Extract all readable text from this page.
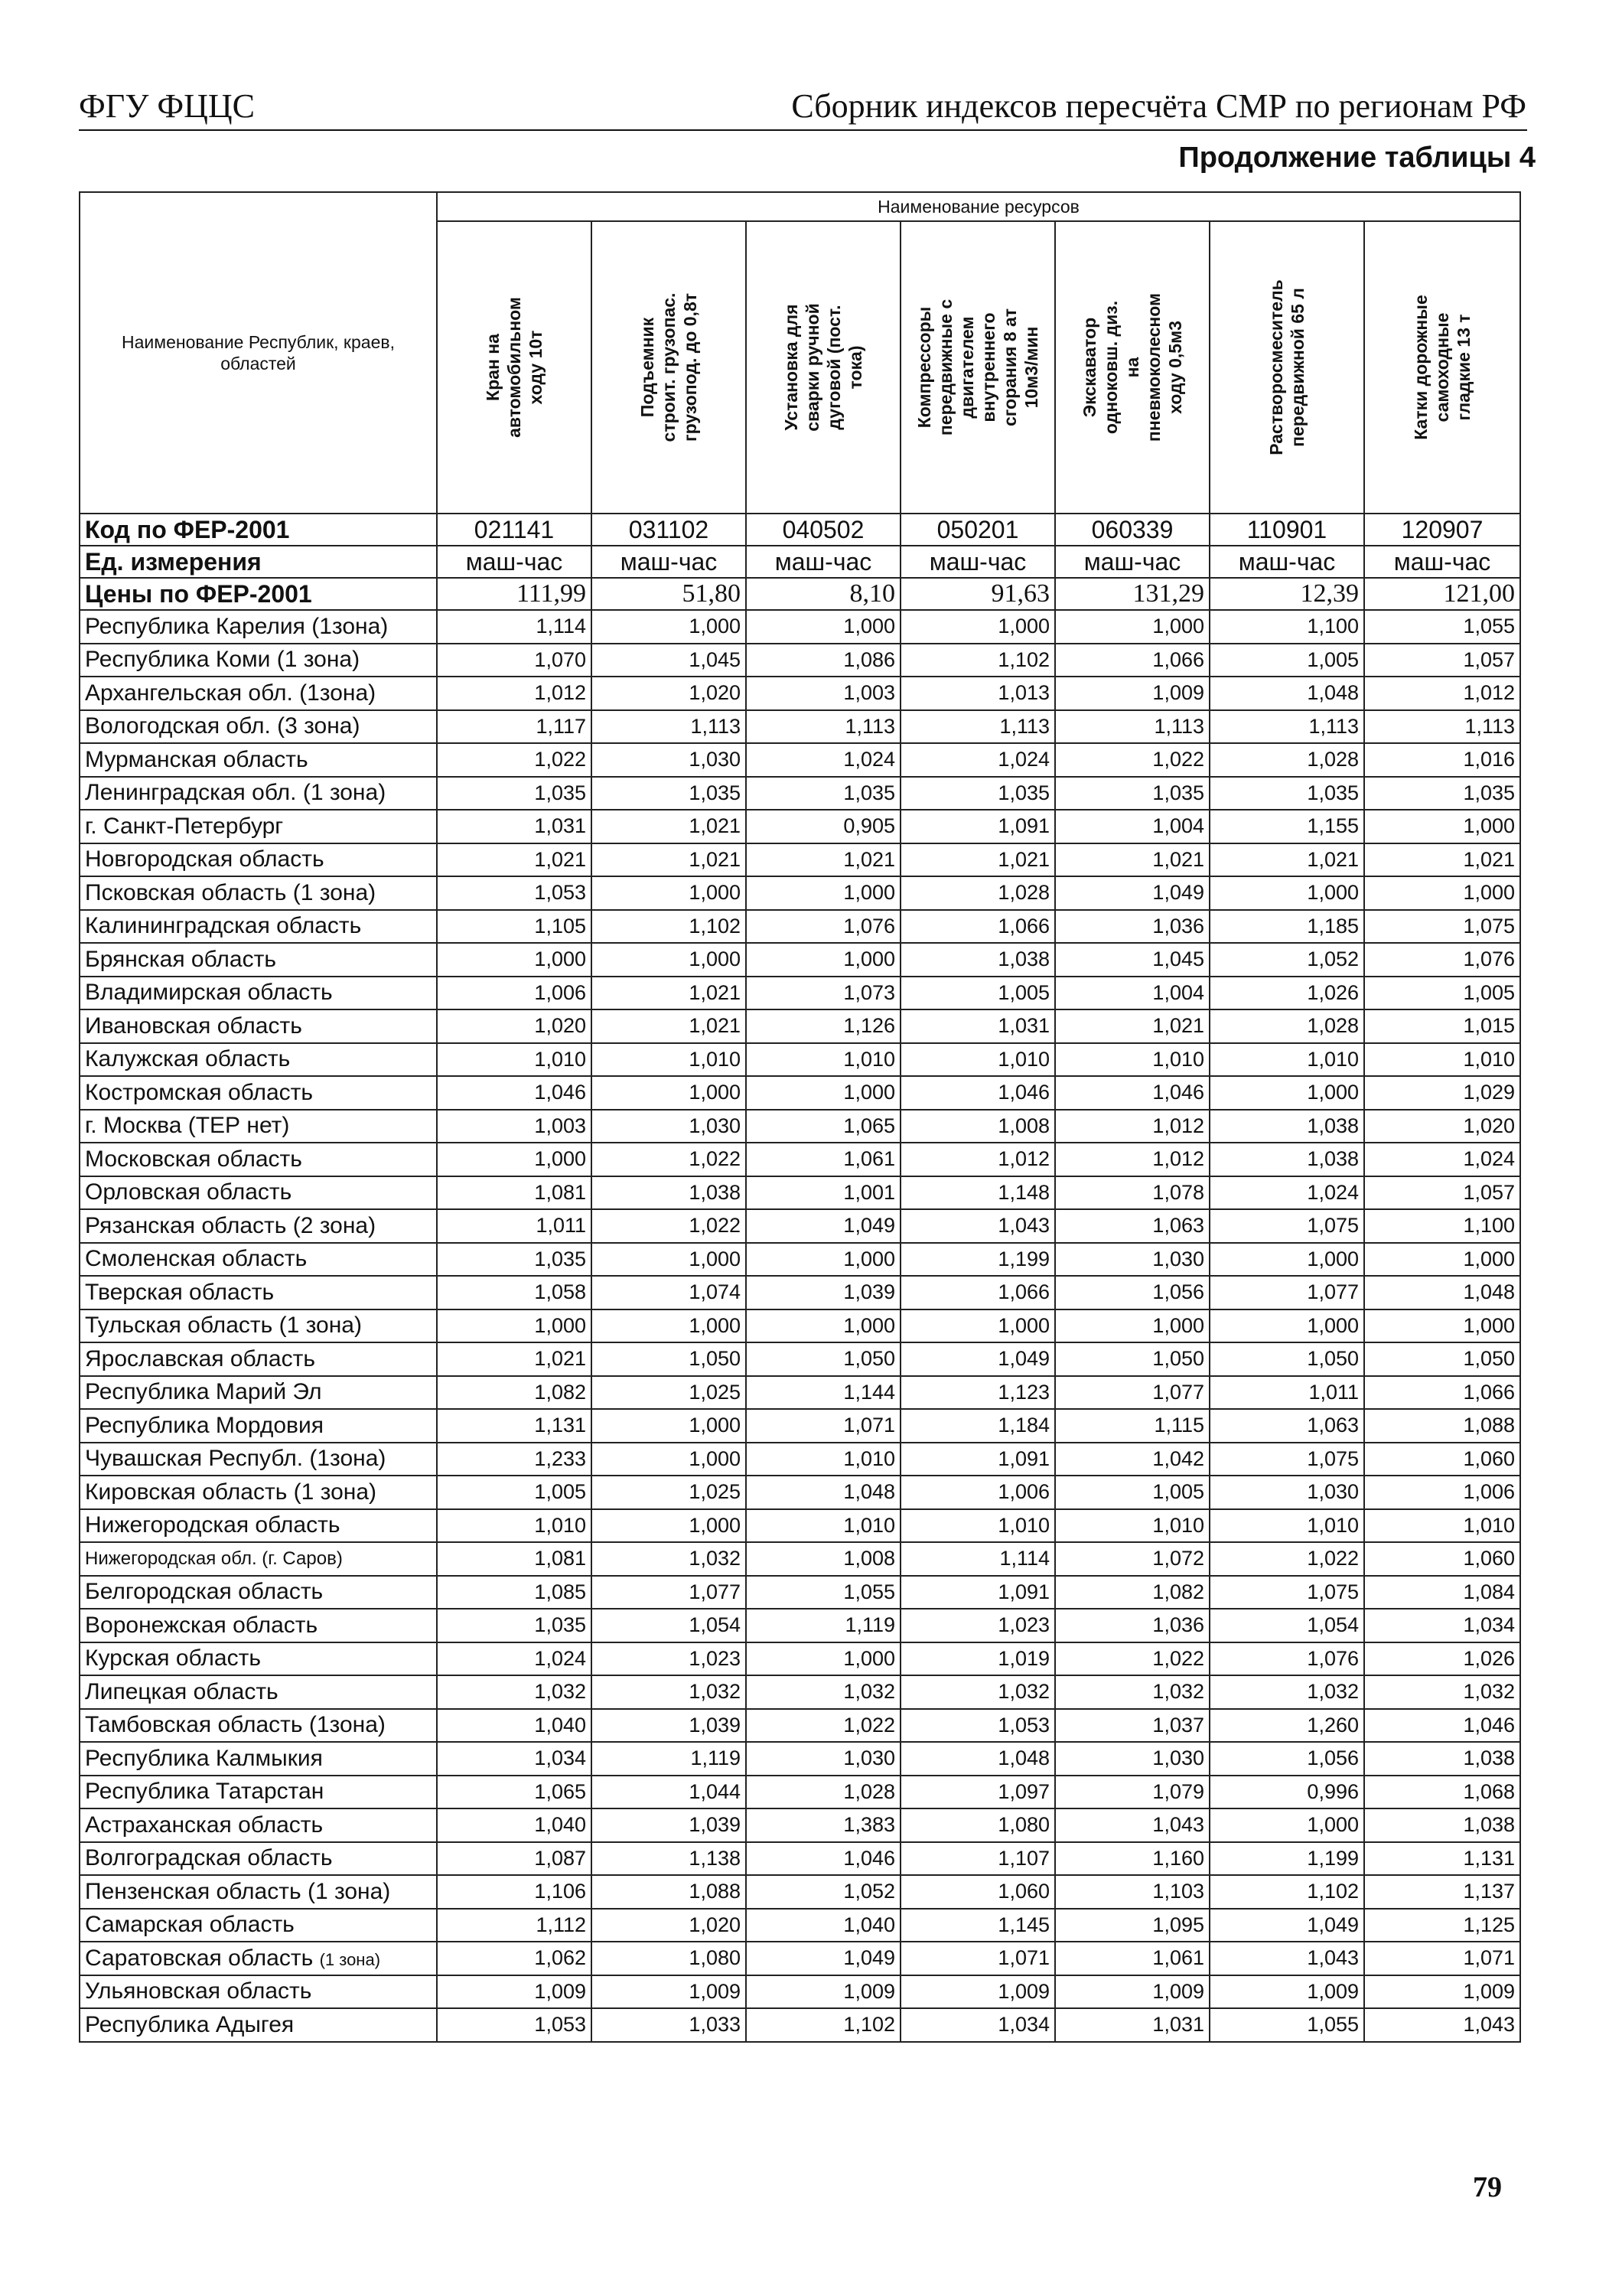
ФГУ ФЦЦС	Сборник индексов пересчёта СМР по регионам РФ
Продолжение таблицы 4
Наименование Республик, краев, областей	Наименование ресурсов						

	Кран на автомобильном ходу 10т	Подъемник строит. грузопас. грузопод. до 0,8т	Установка для сварки ручной дуговой (пост. тока)	Компрессоры передвижные с двигателем внутреннего сгорания 8 ат 10м3/мин	Экскаватор одноковш. диз. на пневмоколесном ходу 0,5м3	Растворосмеситель передвижной 65 л	Катки дорожные самоходные гладкие 13 т

Код по ФЕР-2001	021141	031102	040502	050201	060339	110901	120907
Ед. измерения	маш-час	маш-час	маш-час	маш-час	маш-час	маш-час	маш-час
Цены по ФЕР-2001	111,99	51,80	8,10	91,63	131,29	12,39	121,00
Республика Карелия (1зона)	1,114	1,000	1,000	1,000	1,000	1,100	1,055
Республика Коми (1 зона)	1,070	1,045	1,086	1,102	1,066	1,005	1,057
Архангельская обл. (1зона)	1,012	1,020	1,003	1,013	1,009	1,048	1,012
Вологодская обл. (3 зона)	1,117	1,113	1,113	1,113	1,113	1,113	1,113
Мурманская область	1,022	1,030	1,024	1,024	1,022	1,028	1,016
Ленинградская обл. (1 зона)	1,035	1,035	1,035	1,035	1,035	1,035	1,035
г. Санкт-Петербург	1,031	1,021	0,905	1,091	1,004	1,155	1,000
Новгородская область	1,021	1,021	1,021	1,021	1,021	1,021	1,021
Псковская область (1 зона)	1,053	1,000	1,000	1,028	1,049	1,000	1,000
Калининградская область	1,105	1,102	1,076	1,066	1,036	1,185	1,075
Брянская область	1,000	1,000	1,000	1,038	1,045	1,052	1,076
Владимирская область	1,006	1,021	1,073	1,005	1,004	1,026	1,005
Ивановская область	1,020	1,021	1,126	1,031	1,021	1,028	1,015
Калужская область	1,010	1,010	1,010	1,010	1,010	1,010	1,010
Костромская область	1,046	1,000	1,000	1,046	1,046	1,000	1,029
г. Москва (ТЕР нет)	1,003	1,030	1,065	1,008	1,012	1,038	1,020
Московская область	1,000	1,022	1,061	1,012	1,012	1,038	1,024
Орловская область	1,081	1,038	1,001	1,148	1,078	1,024	1,057
Рязанская область (2 зона)	1,011	1,022	1,049	1,043	1,063	1,075	1,100
Смоленская область	1,035	1,000	1,000	1,199	1,030	1,000	1,000
Тверская область	1,058	1,074	1,039	1,066	1,056	1,077	1,048
Тульская область (1 зона)	1,000	1,000	1,000	1,000	1,000	1,000	1,000
Ярославская область	1,021	1,050	1,050	1,049	1,050	1,050	1,050
Республика Марий Эл	1,082	1,025	1,144	1,123	1,077	1,011	1,066
Республика Мордовия	1,131	1,000	1,071	1,184	1,115	1,063	1,088
Чувашская Республ. (1зона)	1,233	1,000	1,010	1,091	1,042	1,075	1,060
Кировская область (1 зона)	1,005	1,025	1,048	1,006	1,005	1,030	1,006
Нижегородская область	1,010	1,000	1,010	1,010	1,010	1,010	1,010
Нижегородская обл. (г. Саров)	1,081	1,032	1,008	1,114	1,072	1,022	1,060
Белгородская область	1,085	1,077	1,055	1,091	1,082	1,075	1,084
Воронежская область	1,035	1,054	1,119	1,023	1,036	1,054	1,034
Курская область	1,024	1,023	1,000	1,019	1,022	1,076	1,026
Липецкая область	1,032	1,032	1,032	1,032	1,032	1,032	1,032
Тамбовская область (1зона)	1,040	1,039	1,022	1,053	1,037	1,260	1,046
Республика Калмыкия	1,034	1,119	1,030	1,048	1,030	1,056	1,038
Республика Татарстан	1,065	1,044	1,028	1,097	1,079	0,996	1,068
Астраханская область	1,040	1,039	1,383	1,080	1,043	1,000	1,038
Волгоградская область	1,087	1,138	1,046	1,107	1,160	1,199	1,131
Пензенская область (1 зона)	1,106	1,088	1,052	1,060	1,103	1,102	1,137
Самарская область	1,112	1,020	1,040	1,145	1,095	1,049	1,125
Саратовская область (1 зона)	1,062	1,080	1,049	1,071	1,061	1,043	1,071
Ульяновская область	1,009	1,009	1,009	1,009	1,009	1,009	1,009
Республика Адыгея	1,053	1,033	1,102	1,034	1,031	1,055	1,043
79
